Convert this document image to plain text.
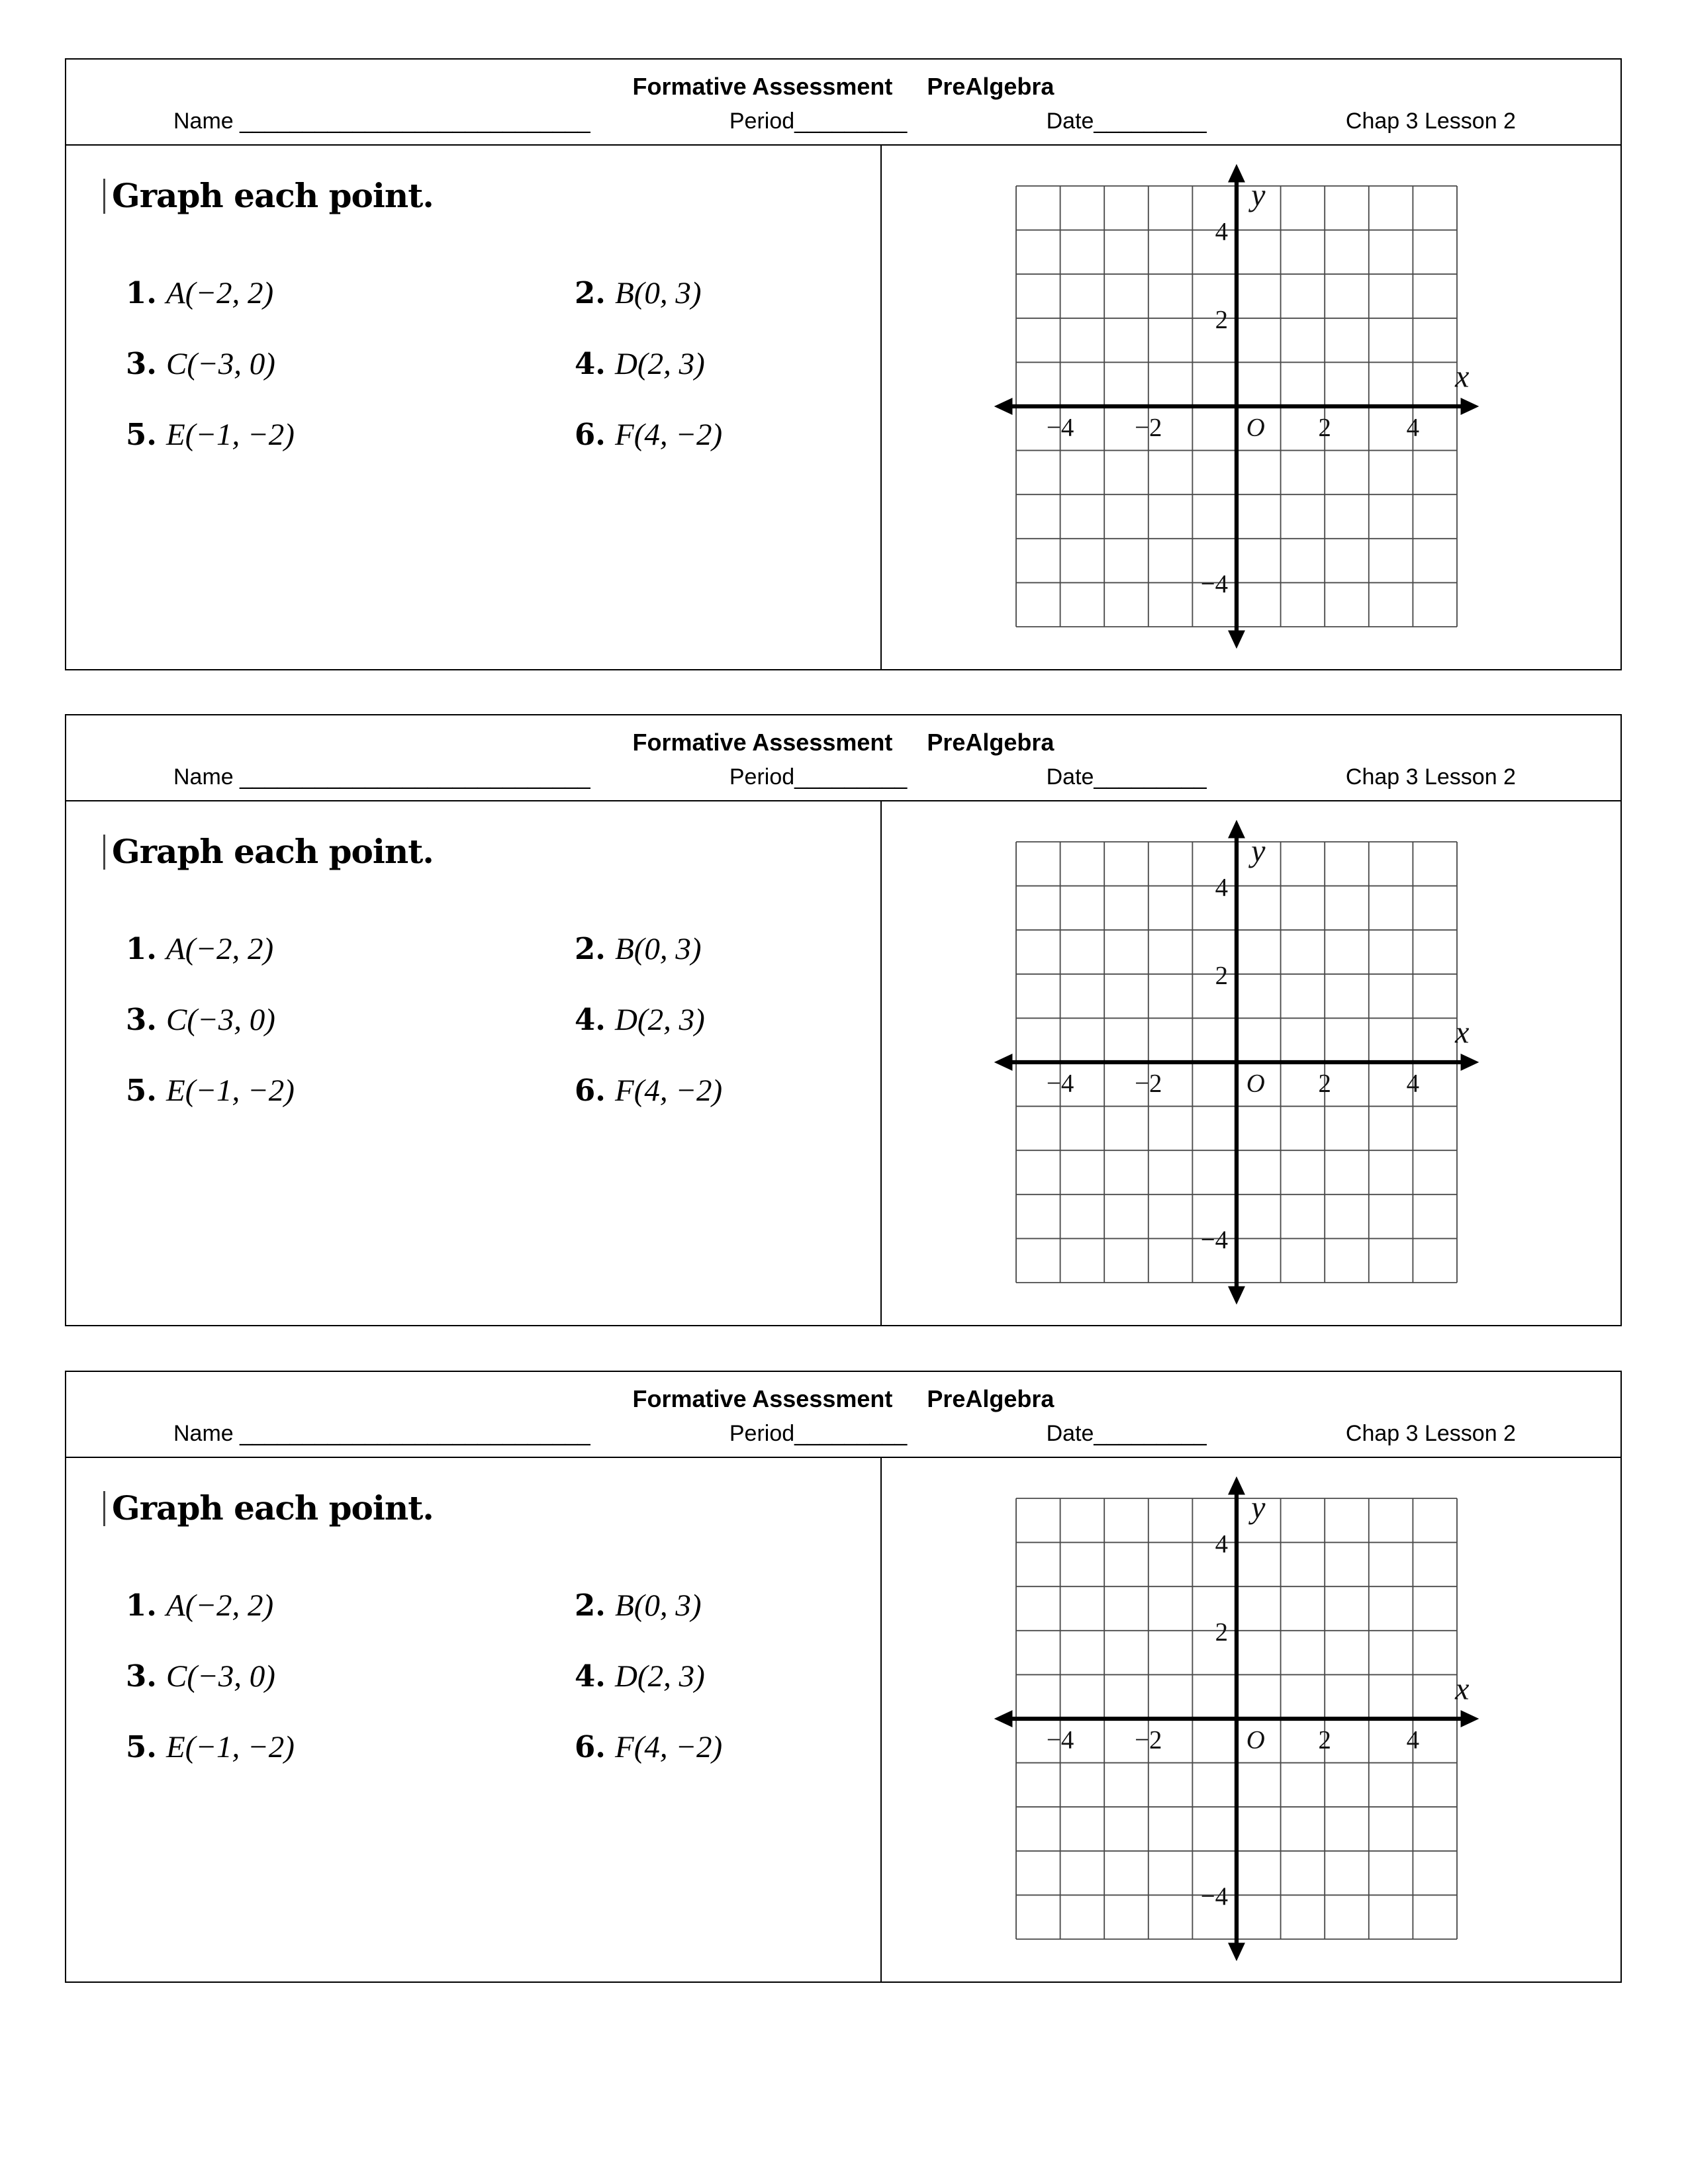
Formative Assessment PreAlgebra
Name ____________________________	Period_________	Date_________	Chap 3 Lesson 2
Graph each point.
1. A(−2, 2)	2. B(0, 3)
3. C(−3, 0)	4. D(2, 3)
5. E(−1, −2)	6. F(4, −2)	−4	−2	O	2	4
4
2
−4
x
y
Formative Assessment PreAlgebra
Name ____________________________	Period_________	Date_________	Chap 3 Lesson 2
Graph each point.
1. A(−2, 2)	2. B(0, 3)
3. C(−3, 0)	4. D(2, 3)
5. E(−1, −2)	6. F(4, −2)	−4	−2	O	2	4
4
2
−4
x
y
Formative Assessment PreAlgebra
Name ____________________________	Period_________	Date_________	Chap 3 Lesson 2
Graph each point.
1. A(−2, 2)	2. B(0, 3)
3. C(−3, 0)	4. D(2, 3)
5. E(−1, −2)	6. F(4, −2)	−4	−2	O	2	4
4
2
−4
x
y
